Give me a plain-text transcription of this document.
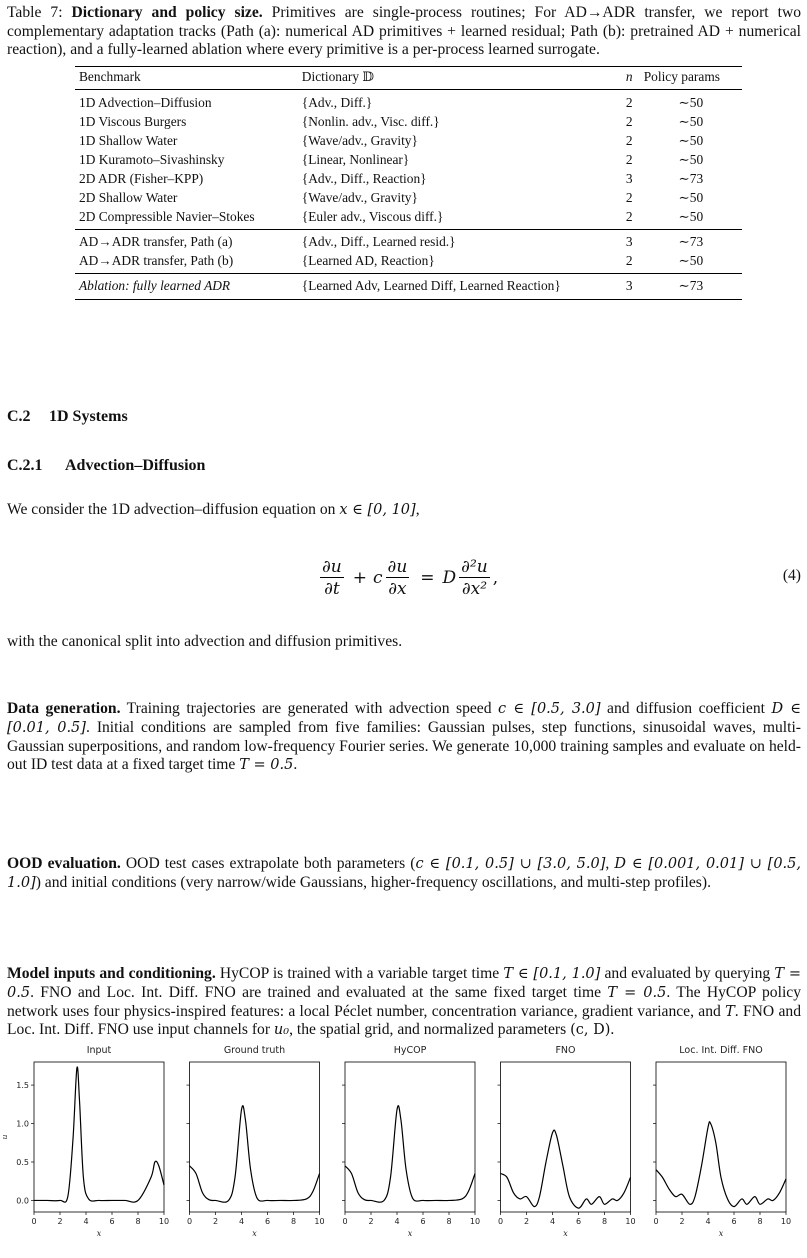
Table 7: Dictionary and policy size. Primitives are single-process routines; For AD→ADR transfer, we report two complementary adaptation tracks (Path (a): numerical AD primitives + learned residual; Path (b): pretrained AD + numerical reaction), and a fully-learned ablation where every primitive is a per-process learned surrogate.

Benchmark	Dictionary 𝔻	n	Policy params
1D Advection–Diffusion	{Adv., Diff.}	2	∼50
1D Viscous Burgers	{Nonlin. adv., Visc. diff.}	2	∼50
1D Shallow Water	{Wave/adv., Gravity}	2	∼50
1D Kuramoto–Sivashinsky	{Linear, Nonlinear}	2	∼50
2D ADR (Fisher–KPP)	{Adv., Diff., Reaction}	3	∼73
2D Shallow Water	{Wave/adv., Gravity}	2	∼50
2D Compressible Navier–Stokes	{Euler adv., Viscous diff.}	2	∼50
AD→ADR transfer, Path (a)	{Adv., Diff., Learned resid.}	3	∼73
AD→ADR transfer, Path (b)	{Learned AD, Reaction}	2	∼50
Ablation: fully learned ADR	{Learned Adv, Learned Diff, Learned Reaction}	3	∼73
C.2 1D Systems
C.2.1 Advection–Diffusion

We consider the 1D advection–diffusion equation on x ∈ [0, 10],

$\frac{\partial u}{\partial t} + c \frac{\partial u}{\partial x} = D \frac{\text{∂²u}}{\text{∂x²}}$ ,	(4)

with the canonical split into advection and diffusion primitives.

Data generation. Training trajectories are generated with advection speed c ∈ [0.5, 3.0] and diffusion coefficient D ∈ [0.01, 0.5]. Initial conditions are sampled from five families: Gaussian pulses, step functions, sinusoidal waves, multi-Gaussian superpositions, and random low-frequency Fourier series. We generate 10,000 training samples and evaluate on held-out ID test data at a fixed target time T = 0.5.

OOD evaluation. OOD test cases extrapolate both parameters (c ∈ [0.1, 0.5] ∪ [3.0, 5.0], D ∈ [0.001, 0.01] ∪ [0.5, 1.0]) and initial conditions (very narrow/wide Gaussians, higher-frequency oscillations, and multi-step profiles).

Model inputs and conditioning. HyCOP is trained with a variable target time T ∈ [0.1, 1.0] and evaluated by querying T = 0.5. FNO and Loc. Int. Diff. FNO are trained and evaluated at the same fixed target time T = 0.5. The HyCOP policy network uses four physics-inspired features: a local Péclet number, concentration variance, gradient variance, and T. FNO and Loc. Int. Diff. FNO use input channels for u₀, the spatial grid, and normalized parameters (c, D).

Input
0	2	4	6	8 10
x
0.0
0.5
1.0
1.5
u
Ground truth
0	2	4	6	8 10
x
HyCOP
0	2	4	6	8 10
x
FNO
0	2	4	6	8 10
x
Loc. Int. Diff. FNO
0	2	4	6	8 10
x
